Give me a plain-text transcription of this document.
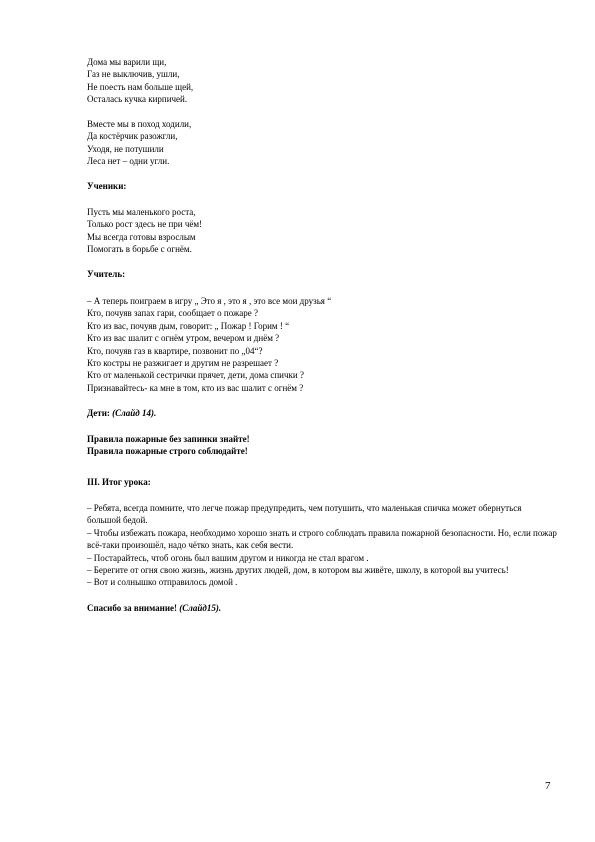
Дома мы варили щи,
Газ не выключив, ушли,
Не поесть нам больше щей,
Осталась кучка кирпичей.
Вместе мы в поход ходили,
Да костёрчик разожгли,
Уходя, не потушили
Леса нет – одни угли.
Ученики:
Пусть мы маленького роста,
Только рост здесь не при чём!
Мы всегда готовы взрослым
Помогать в борьбе с огнём.
Учитель:
– А теперь поиграем в игру „ Это я , это я , это все мои друзья “
Кто, почуяв запах гари, сообщает о пожаре ?
Кто из вас, почуяв дым, говорит: „ Пожар ! Горим ! “
Кто из вас шалит с огнём утром, вечером и днём ?
Кто, почуяв газ в квартире, позвонит по „04“?
Кто костры не разжигает и другим не разрешает ?
Кто от маленькой сестрички прячет, дети, дома спички ?
Признавайтесь- ка мне в том, кто из вас шалит с огнём ?
Дети: (Слайд 14).
Правила пожарные без запинки знайте!
Правила пожарные строго соблюдайте!
III. Итог урока:
– Ребята, всегда помните, что легче пожар предупредить, чем потушить, что маленькая спичка может обернуться большой бедой.
– Чтобы избежать пожара, необходимо хорошо знать и строго соблюдать правила пожарной безопасности. Но, если пожар всё-таки произошёл, надо чётко знать, как себя вести.
– Постарайтесь, чтоб огонь был вашим другом и никогда не стал врагом .
– Берегите от огня свою жизнь, жизнь других людей, дом, в котором вы живёте, школу, в которой вы учитесь!
– Вот и солнышко отправилось домой .
Спасибо за внимание! (Слайд15).
7
